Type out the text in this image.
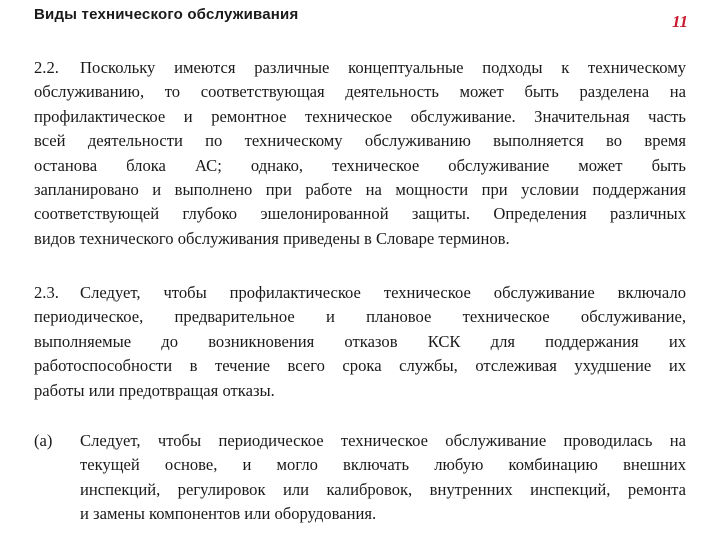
Виды технического обслуживания	11
2.2.	Поскольку имеются различные концептуальные подходы к техническому
обслуживанию, то соответствующая деятельность может быть разделена на
профилактическое и ремонтное техническое обслуживание. Значительная часть
всей деятельности по техническому обслуживанию выполняется во время
останова блока АС; однако, техническое обслуживание может быть
запланировано и выполнено при работе на мощности при условии поддержания
соответствующей глубоко эшелонированной защиты. Определения различных
видов технического обслуживания приведены в Словаре терминов.
2.3.	Следует, чтобы профилактическое техническое обслуживание включало
периодическое, предварительное и плановое техническое обслуживание,
выполняемые до возникновения отказов КСК для поддержания их
работоспособности в течение всего срока службы, отслеживая ухудшение их
работы или предотвращая отказы.
(а)	Следует, чтобы периодическое техническое обслуживание проводилась на
текущей основе, и могло включать любую комбинацию внешних
инспекций, регулировок или калибровок, внутренних инспекций, ремонта
и замены компонентов или оборудования.
